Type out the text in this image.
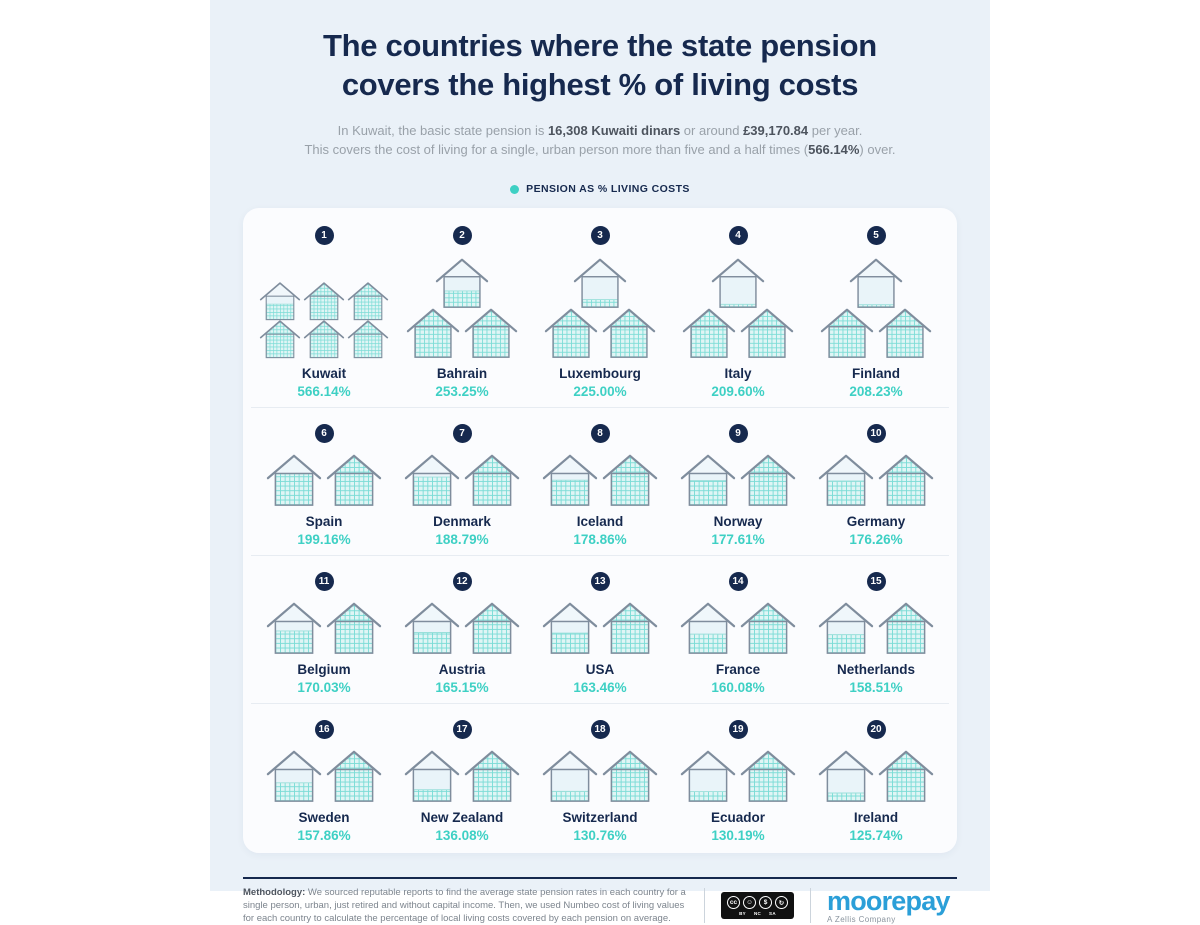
The countries where the state pension
covers the highest % of living costs

In Kuwait, the basic state pension is 16,308 Kuwaiti dinars or around £39,170.84 per year.

This covers the cost of living for a single, urban person more than five and a half times (566.14%) over.

PENSION AS % LIVING COSTS
1
Kuwait
566.14%
2
Bahrain
253.25%
3
Luxembourg
225.00%
4
Italy
209.60%
5
Finland
208.23%
6
Spain
199.16%
7
Denmark
188.79%
8
Iceland
178.86%
9
Norway
177.61%
10
Germany
176.26%
11
Belgium
170.03%
12
Austria
165.15%
13
USA
163.46%
14
France
160.08%
15
Netherlands
158.51%
16
Sweden
157.86%
17
New Zealand
136.08%
18
Switzerland
130.76%
19
Ecuador
130.19%
20
Ireland
125.74%

Methodology: We sourced reputable reports to find the average state pension rates in each country for a single person, urban, just retired and without capital income. Then, we used Numbeo cost of living values for each country to calculate the percentage of local living costs covered by each pension on average.

cc	☺	$	↻
BY NC SA moorepay
A Zellis Company
